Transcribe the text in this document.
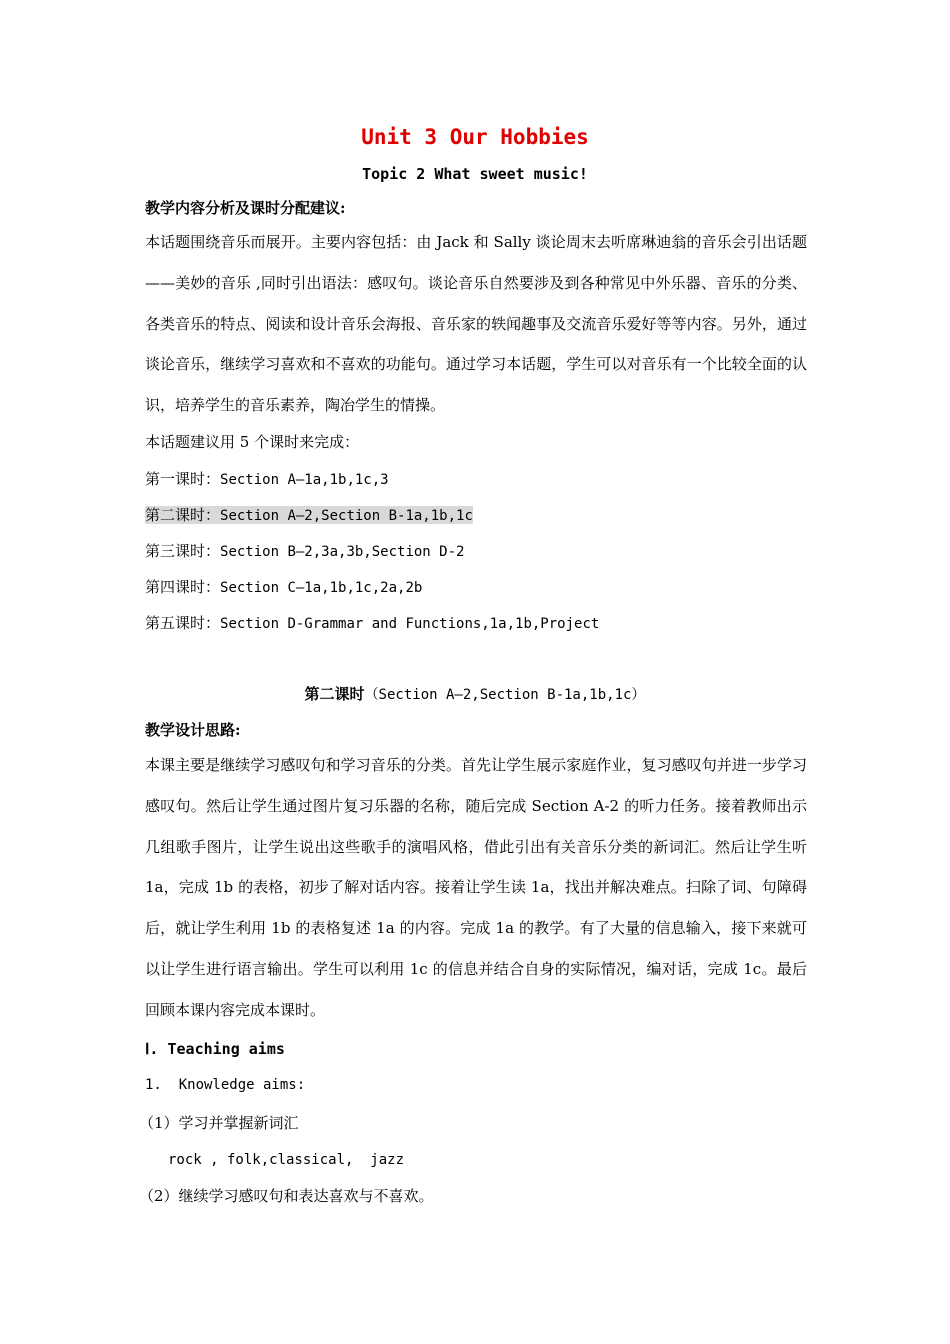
Unit 3 Our Hobbies
Topic 2 What sweet music!
教学内容分析及课时分配建议:
本话题围绕音乐而展开。主要内容包括：由 Jack 和 Sally 谈论周末去听席琳迪翁的音乐会引出话题——美妙的音乐 ,同时引出语法：感叹句。谈论音乐自然要涉及到各种常见中外乐器、音乐的分类、各类音乐的特点、阅读和设计音乐会海报、音乐家的轶闻趣事及交流音乐爱好等等内容。另外，通过谈论音乐，继续学习喜欢和不喜欢的功能句。通过学习本话题，学生可以对音乐有一个比较全面的认识，培养学生的音乐素养，陶冶学生的情操。
本话题建议用 5 个课时来完成：
第一课时：Section A—1a,1b,1c,3
第二课时：Section A—2,Section B-1a,1b,1c
第三课时：Section B—2,3a,3b,Section D-2
第四课时：Section C—1a,1b,1c,2a,2b
第五课时：Section D-Grammar and Functions,1a,1b,Project
第二课时（Section A—2,Section B-1a,1b,1c）
教学设计思路:
本课主要是继续学习感叹句和学习音乐的分类。首先让学生展示家庭作业，复习感叹句并进一步学习感叹句。然后让学生通过图片复习乐器的名称，随后完成 Section A-2 的听力任务。接着教师出示几组歌手图片，让学生说出这些歌手的演唱风格，借此引出有关音乐分类的新词汇。然后让学生听 1a，完成 1b 的表格，初步了解对话内容。接着让学生读 1a，找出并解决难点。扫除了词、句障碍后，就让学生利用 1b 的表格复述 1a 的内容。完成 1a 的教学。有了大量的信息输入，接下来就可以让学生进行语言输出。学生可以利用 1c 的信息并结合自身的实际情况，编对话，完成 1c。最后回顾本课内容完成本课时。
Ⅰ. Teaching aims
1.  Knowledge aims:
（1）学习并掌握新词汇
rock , folk,classical,  jazz
（2）继续学习感叹句和表达喜欢与不喜欢。
